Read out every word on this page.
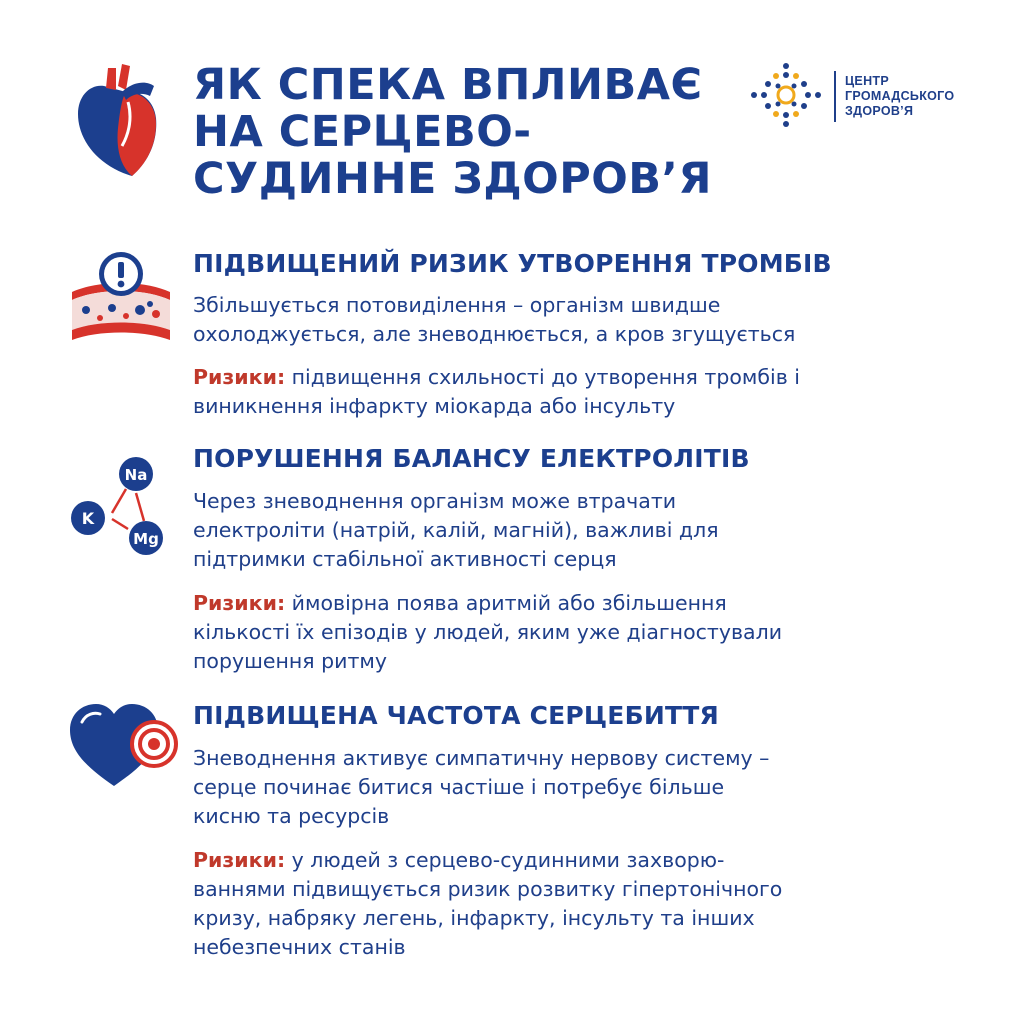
ЯК СПЕКА ВПЛИВАЄ
НА СЕРЦЕВО-
СУДИННЕ ЗДОРОВ’Я
ЦЕНТР
ГРОМАДСЬКОГО
ЗДОРОВ’Я
ПІДВИЩЕНИЙ РИЗИК УТВОРЕННЯ ТРОМБІВ
Збільшується потовиділення – організм швидше
охолоджується, але зневоднюється, а кров згущується
Ризики: підвищення схильності до утворення тромбів і
виникнення інфаркту міокарда або інсульту
Na
K
Mg
ПОРУШЕННЯ БАЛАНСУ ЕЛЕКТРОЛІТІВ
Через зневоднення організм може втрачати
електроліти (натрій, калій, магній), важливі для
підтримки стабільної активності серця
Ризики: ймовірна поява аритмій або збільшення
кількості їх епізодів у людей, яким уже діагностували
порушення ритму
ПІДВИЩЕНА ЧАСТОТА СЕРЦЕБИТТЯ
Зневоднення активує симпатичну нервову систему –
серце починає битися частіше і потребує більше
кисню та ресурсів
Ризики: у людей з серцево-судинними захворю-
ваннями підвищується ризик розвитку гіпертонічного
кризу, набряку легень, інфаркту, інсульту та інших
небезпечних станів
